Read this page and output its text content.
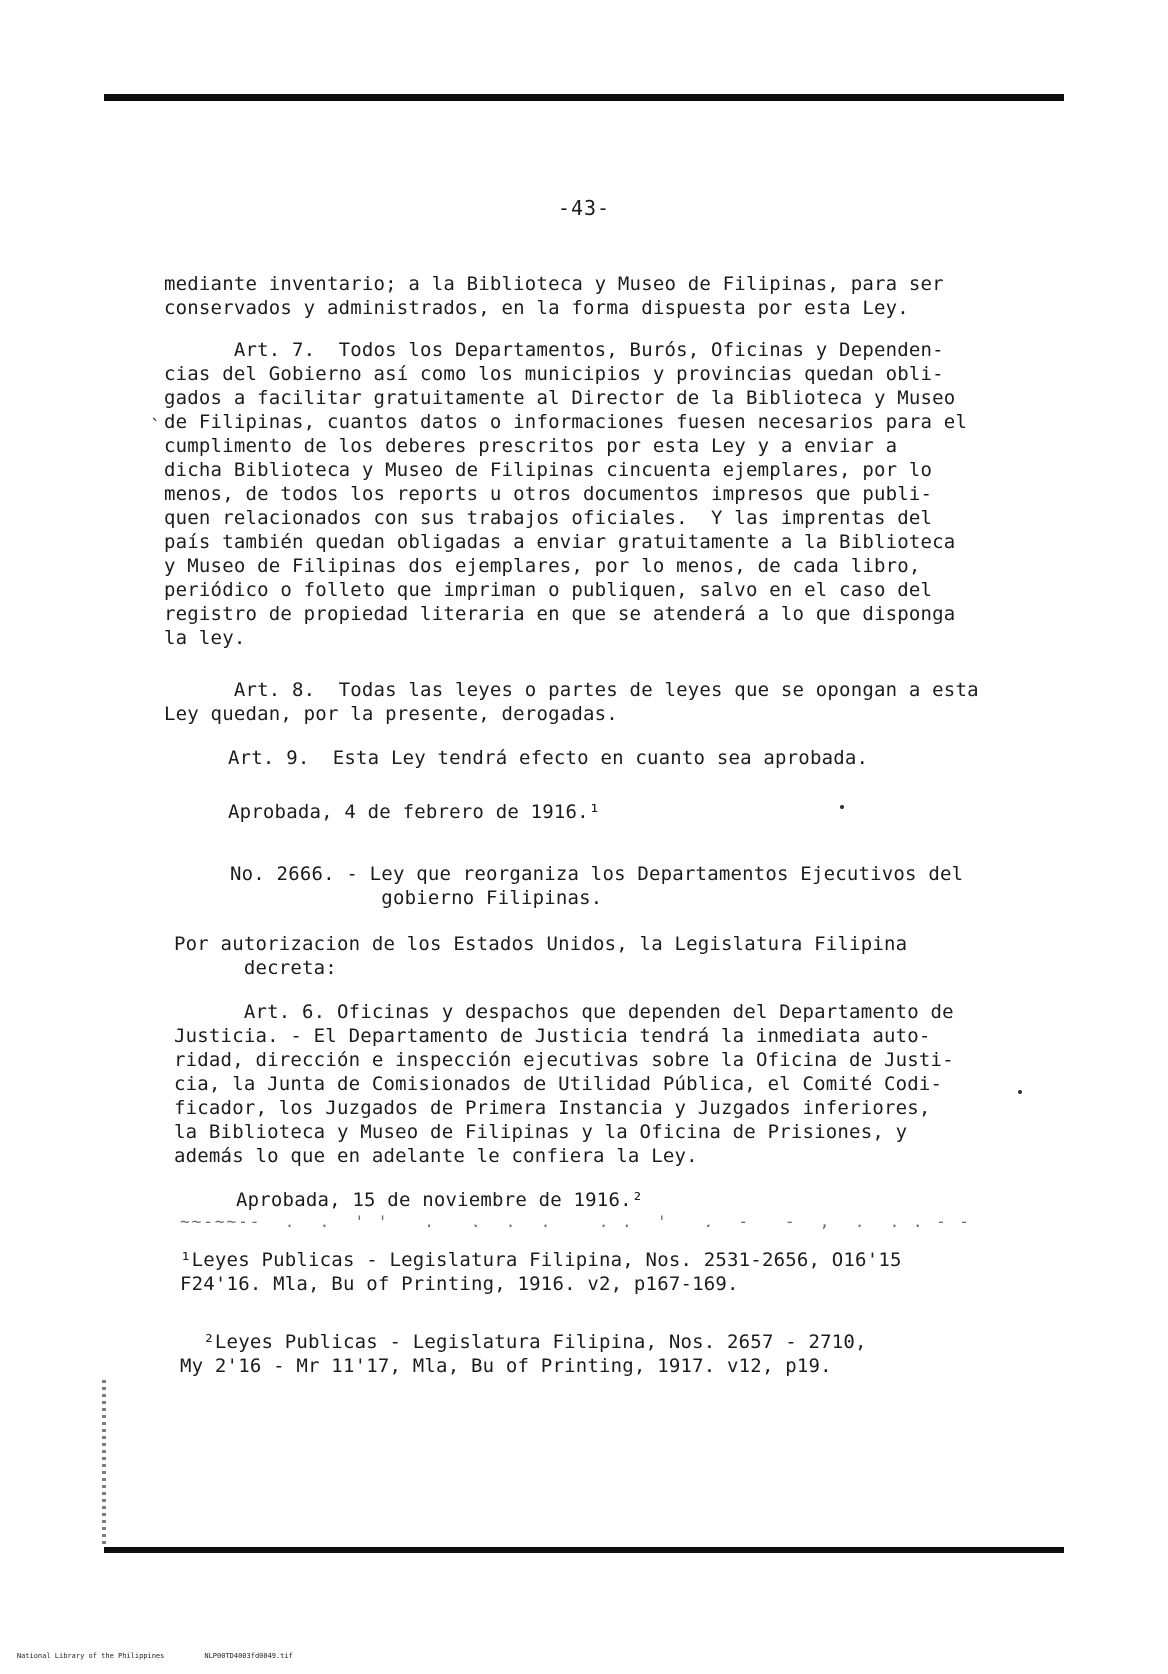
-43-
mediante inventario; a la Biblioteca y Museo de Filipinas, para ser
conservados y administrados, en la forma dispuesta por esta Ley.
`
Art. 7.  Todos los Departamentos, Burós, Oficinas y Dependen-
cias del Gobierno así como los municipios y provincias quedan obli-
gados a facilitar gratuitamente al Director de la Biblioteca y Museo
de Filipinas, cuantos datos o informaciones fuesen necesarios para el
cumplimento de los deberes prescritos por esta Ley y a enviar a
dicha Biblioteca y Museo de Filipinas cincuenta ejemplares, por lo
menos, de todos los reports u otros documentos impresos que publi-
quen relacionados con sus trabajos oficiales.  Y las imprentas del
país también quedan obligadas a enviar gratuitamente a la Biblioteca
y Museo de Filipinas dos ejemplares, por lo menos, de cada libro,
periódico o folleto que impriman o publiquen, salvo en el caso del
registro de propiedad literaria en que se atenderá a lo que disponga
la ley.
Art. 8.  Todas las leyes o partes de leyes que se opongan a esta
Ley quedan, por la presente, derogadas.
Art. 9.  Esta Ley tendrá efecto en cuanto sea aprobada.
Aprobada, 4 de febrero de 1916.¹
No. 2666. - Ley que reorganiza los Departamentos Ejecutivos del
gobierno Filipinas.
Por autorizacion de los Estados Unidos, la Legislatura Filipina
decreta:
Art. 6. Oficinas y despachos que dependen del Departamento de
Justicia. - El Departamento de Justicia tendrá la inmediata auto-
ridad, dirección e inspección ejecutivas sobre la Oficina de Justi-
cia, la Junta de Comisionados de Utilidad Pública, el Comité Codi-
ficador, los Juzgados de Primera Instancia y Juzgados inferiores,
la Biblioteca y Museo de Filipinas y la Oficina de Prisiones, y
además lo que en adelante le confiera la Ley.
Aprobada, 15 de noviembre de 1916.²
~~-~~--  .  .  ' '   .   .  .  .    . .  '   .  -   -  ,  .  . . - -
¹Leyes Publicas - Legislatura Filipina, Nos. 2531-2656, O16'15
F24'16. Mla, Bu of Printing, 1916. v2, p167-169.
²Leyes Publicas - Legislatura Filipina, Nos. 2657 - 2710,
My 2'16 - Mr 11'17, Mla, Bu of Printing, 1917. v12, p19.

National Library of the Philippines	NLP00TD4003fd0049.tif
